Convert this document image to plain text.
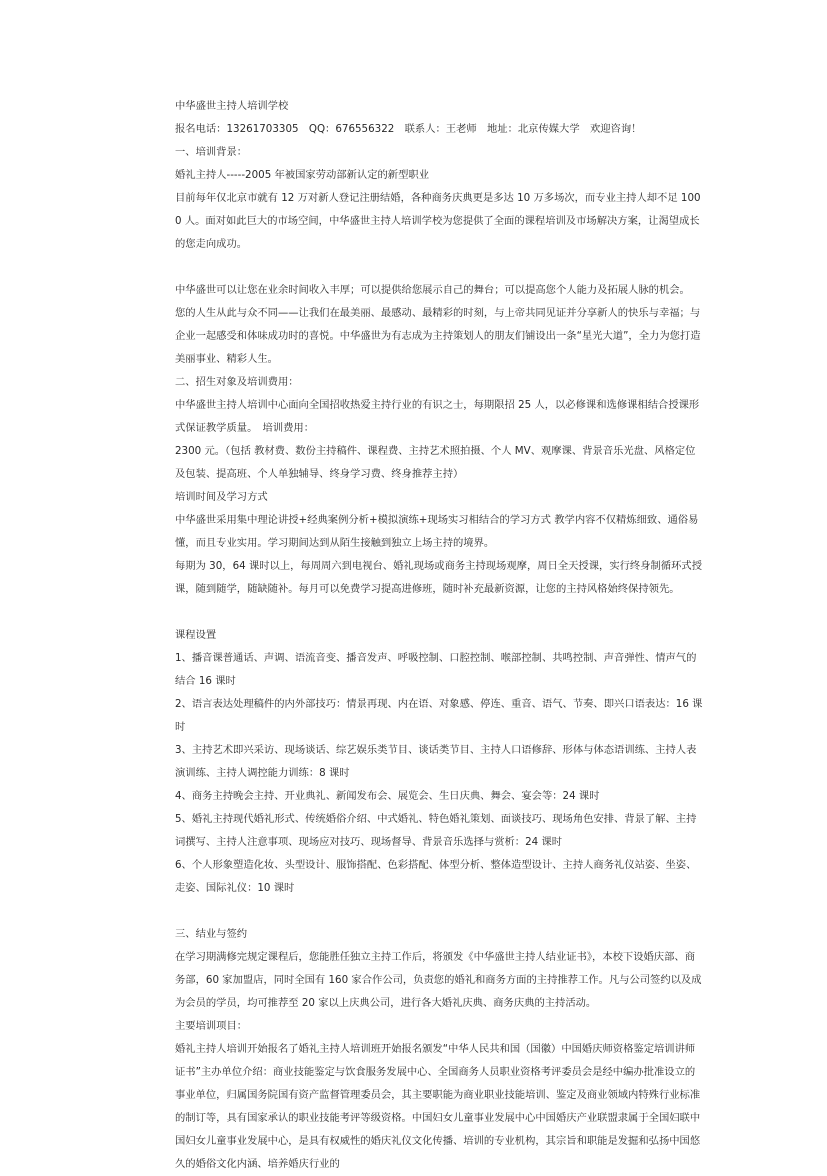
中华盛世主持人培训学校

报名电话：13261703305　QQ：676556322　联系人：王老师　地址：北京传媒大学　欢迎咨询！

一、培训背景：

婚礼主持人-----2005 年被国家劳动部新认定的新型职业

目前每年仅北京市就有 12 万对新人登记注册结婚，各种商务庆典更是多达 10 万多场次，而专业主持人却不足 1000 人。面对如此巨大的市场空间，中华盛世主持人培训学校为您提供了全面的课程培训及市场解决方案，让渴望成长的您走向成功。

中华盛世可以让您在业余时间收入丰厚；可以提供给您展示自己的舞台；可以提高您个人能力及拓展人脉的机会。

您的人生从此与众不同——让我们在最美丽、最感动、最精彩的时刻，与上帝共同见证并分享新人的快乐与幸福；与企业一起感受和体味成功时的喜悦。中华盛世为有志成为主持策划人的朋友们铺设出一条“星光大道”，全力为您打造美丽事业、精彩人生。

二、招生对象及培训费用：

中华盛世主持人培训中心面向全国招收热爱主持行业的有识之士，每期限招 25 人，以必修课和选修课相结合授课形式保证教学质量。　培训费用：

2300 元。（包括 教材费、数份主持稿件、课程费、主持艺术照拍摄、个人 MV、观摩课、背景音乐光盘、风格定位及包装、提高班、个人单独辅导、终身学习费、终身推荐主持）

培训时间及学习方式

中华盛世采用集中理论讲授+经典案例分析+模拟演练+现场实习相结合的学习方式 教学内容不仅精炼细致、通俗易懂，而且专业实用。学习期间达到从陌生接触到独立上场主持的境界。

每期为 30，64 课时以上，每周周六到电视台、婚礼现场或商务主持现场观摩，周日全天授课，实行终身制循环式授课，随到随学，随缺随补。每月可以免费学习提高进修班，随时补充最新资源，让您的主持风格始终保持领先。

课程设置

1、播音课普通话、声调、语流音变、播音发声、呼吸控制、口腔控制、喉部控制、共鸣控制、声音弹性、情声气的结合 16 课时

2、语言表达处理稿件的内外部技巧：情景再现、内在语、对象感、停连、重音、语气、节奏、即兴口语表达：16 课时

3、主持艺术即兴采访、现场谈话、综艺娱乐类节目、谈话类节目、主持人口语修辞、形体与体态语训练、主持人表演训练、主持人调控能力训练：8 课时

4、商务主持晚会主持、开业典礼、新闻发布会、展览会、生日庆典、舞会、宴会等：24 课时

5、婚礼主持现代婚礼形式、传统婚俗介绍、中式婚礼、特色婚礼策划、面谈技巧、现场角色安排、背景了解、主持词撰写、主持人注意事项、现场应对技巧、现场督导、背景音乐选择与赏析：24 课时

6、个人形象塑造化妆、头型设计、服饰搭配、色彩搭配、体型分析、整体造型设计、主持人商务礼仪站姿、坐姿、走姿、国际礼仪：10 课时

三、结业与签约

在学习期满修完规定课程后，您能胜任独立主持工作后，将颁发《中华盛世主持人结业证书》，本校下设婚庆部、商务部，60 家加盟店，同时全国有 160 家合作公司，负责您的婚礼和商务方面的主持推荐工作。凡与公司签约以及成为会员的学员，均可推荐至 20 家以上庆典公司，进行各大婚礼庆典、商务庆典的主持活动。

主要培训项目：

婚礼主持人培训开始报名了婚礼主持人培训班开始报名颁发“中华人民共和国（国徽）中国婚庆师资格鉴定培训讲师证书”主办单位介绍：商业技能鉴定与饮食服务发展中心、全国商务人员职业资格考评委员会是经中编办批准设立的事业单位，归属国务院国有资产监督管理委员会，其主要职能为商业职业技能培训、鉴定及商业领域内特殊行业标准的制订等，具有国家承认的职业技能考评等级资格。中国妇女儿童事业发展中心中国婚庆产业联盟隶属于全国妇联中国妇女儿童事业发展中心，是具有权威性的婚庆礼仪文化传播、培训的专业机构，其宗旨和职能是发掘和弘扬中国悠久的婚俗文化内涵、培养婚庆行业的
